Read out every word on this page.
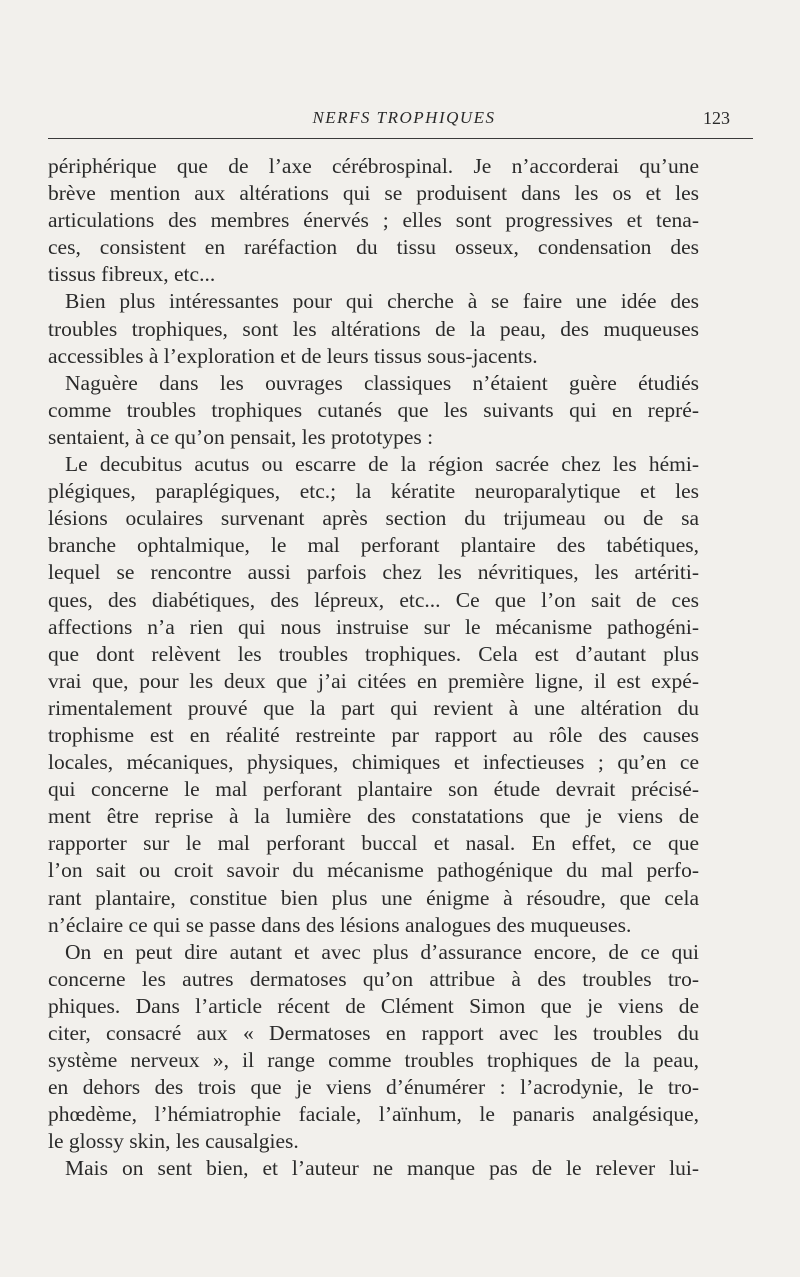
NERFS TROPHIQUES	123
périphérique que de l’axe cérébrospinal. Je n’accorderai qu’une
brève mention aux altérations qui se produisent dans les os et les
articulations des membres énervés ; elles sont progressives et tena-
ces, consistent en raréfaction du tissu osseux, condensation des
tissus fibreux, etc...
Bien plus intéressantes pour qui cherche à se faire une idée des
troubles trophiques, sont les altérations de la peau, des muqueuses
accessibles à l’exploration et de leurs tissus sous-jacents.
Naguère dans les ouvrages classiques n’étaient guère étudiés
comme troubles trophiques cutanés que les suivants qui en repré-
sentaient, à ce qu’on pensait, les prototypes :
Le decubitus acutus ou escarre de la région sacrée chez les hémi-
plégiques, paraplégiques, etc.; la kératite neuroparalytique et les
lésions oculaires survenant après section du trijumeau ou de sa
branche ophtalmique, le mal perforant plantaire des tabétiques,
lequel se rencontre aussi parfois chez les névritiques, les artériti-
ques, des diabétiques, des lépreux, etc... Ce que l’on sait de ces
affections n’a rien qui nous instruise sur le mécanisme pathogéni-
que dont relèvent les troubles trophiques. Cela est d’autant plus
vrai que, pour les deux que j’ai citées en première ligne, il est expé-
rimentalement prouvé que la part qui revient à une altération du
trophisme est en réalité restreinte par rapport au rôle des causes
locales, mécaniques, physiques, chimiques et infectieuses ; qu’en ce
qui concerne le mal perforant plantaire son étude devrait précisé-
ment être reprise à la lumière des constatations que je viens de
rapporter sur le mal perforant buccal et nasal. En effet, ce que
l’on sait ou croit savoir du mécanisme pathogénique du mal perfo-
rant plantaire, constitue bien plus une énigme à résoudre, que cela
n’éclaire ce qui se passe dans des lésions analogues des muqueuses.
On en peut dire autant et avec plus d’assurance encore, de ce qui
concerne les autres dermatoses qu’on attribue à des troubles tro-
phiques. Dans l’article récent de Clément Simon que je viens de
citer, consacré aux « Dermatoses en rapport avec les troubles du
système nerveux », il range comme troubles trophiques de la peau,
en dehors des trois que je viens d’énumérer : l’acrodynie, le tro-
phœdème, l’hémiatrophie faciale, l’aïnhum, le panaris analgésique,
le glossy skin, les causalgies.
Mais on sent bien, et l’auteur ne manque pas de le relever lui-
